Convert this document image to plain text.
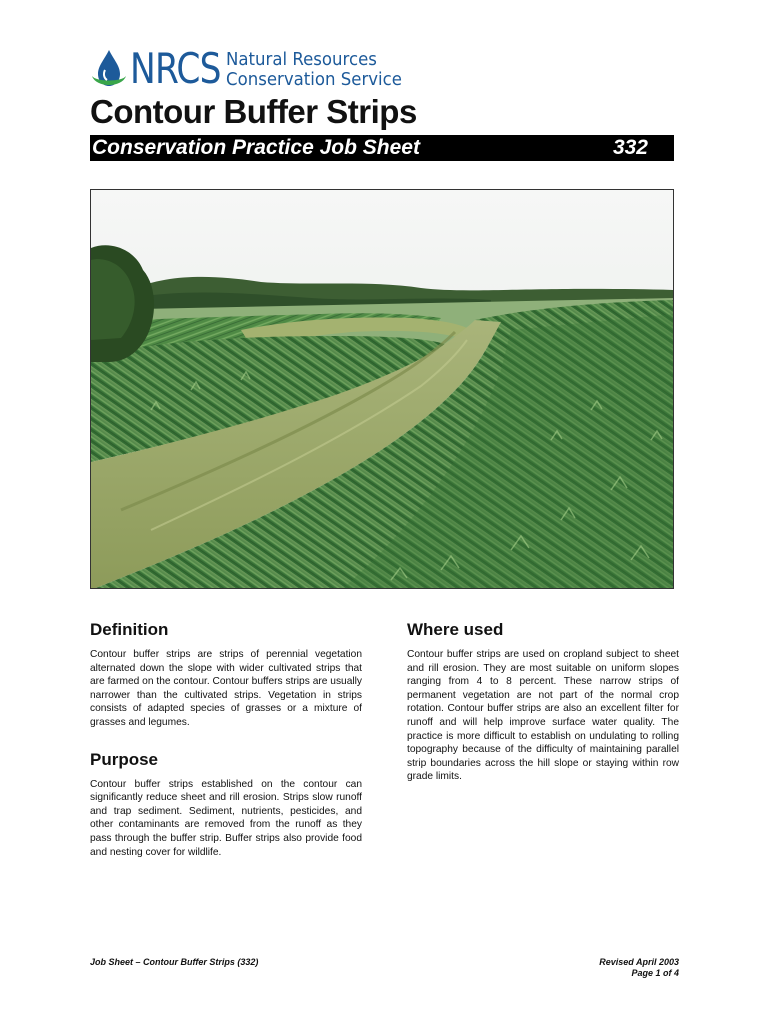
NRCS Natural Resources
Conservation Service
Contour Buffer Strips
Conservation Practice Job Sheet	332
Definition

Contour buffer strips are strips of perennial vegetation alternated down the slope with wider cultivated strips that are farmed on the contour. Contour buffers strips are usually narrower than the cultivated strips. Vegetation in strips consists of adapted species of grasses or a mixture of grasses and legumes.

Purpose

Contour buffer strips established on the contour can significantly reduce sheet and rill erosion. Strips slow runoff and trap sediment. Sediment, nutrients, pesticides, and other contaminants are removed from the runoff as they pass through the buffer strip. Buffer strips also provide food and nesting cover for wildlife.

Where used

Contour buffer strips are used on cropland subject to sheet and rill erosion. They are most suitable on uniform slopes ranging from 4 to 8 percent. These narrow strips of permanent vegetation are not part of the normal crop rotation. Contour buffer strips are also an excellent filter for runoff and will help improve surface water quality. The practice is more difficult to establish on undulating to rolling topography because of the difficulty of maintaining parallel strip boundaries across the hill slope or staying within row grade limits.

Job Sheet – Contour Buffer Strips (332)	Revised April 2003
Page 1 of 4
